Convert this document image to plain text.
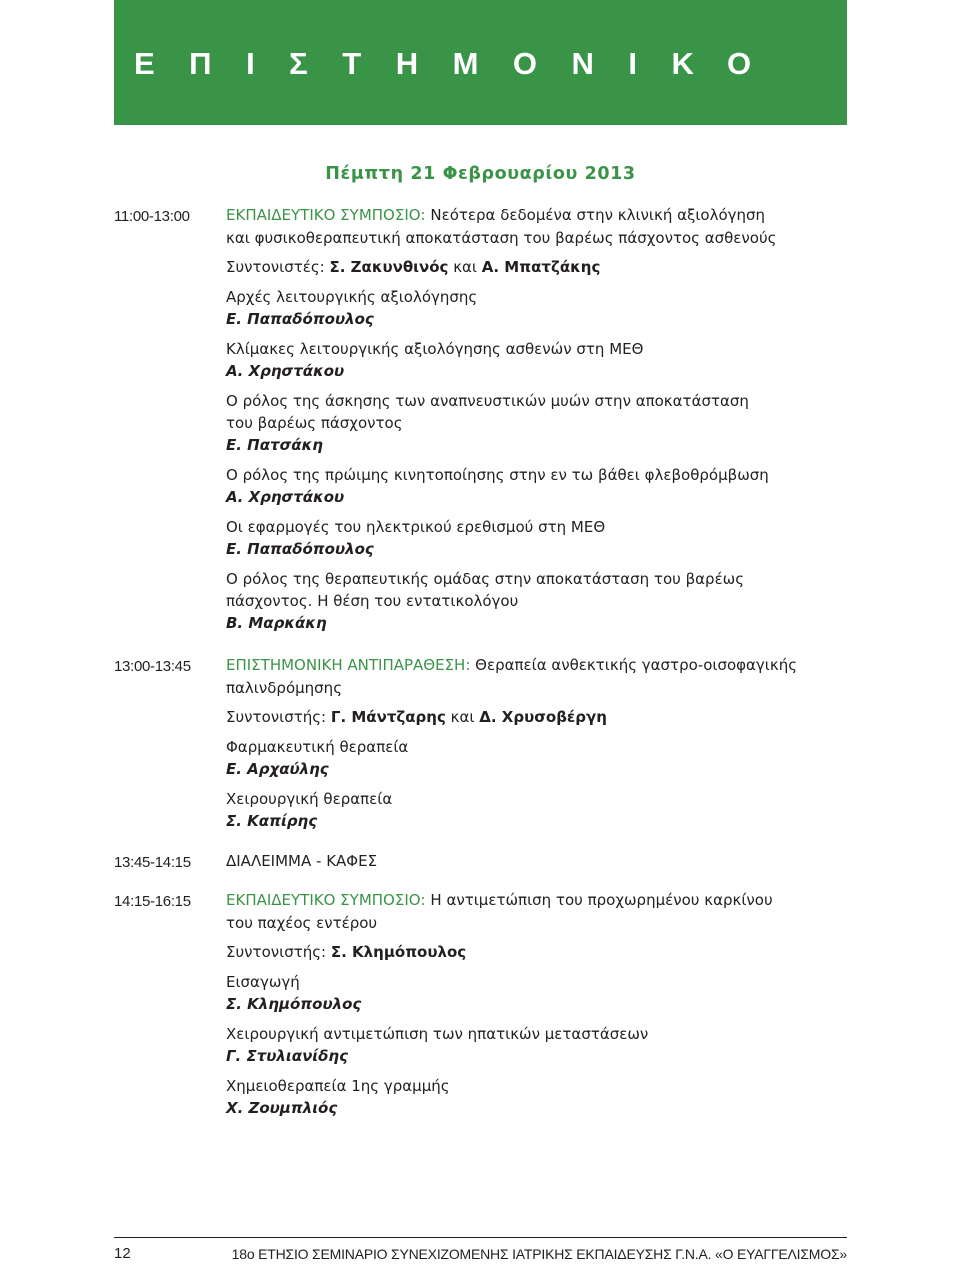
ΕΠΙΣΤΗΜΟΝΙΚΟ
Πέμπτη 21 Φεβρουαρίου 2013
11:00-13:00	ΕΚΠΑΙΔΕΥΤΙΚΟ ΣΥΜΠΟΣΙΟ: Νεότερα δεδομένα στην κλινική αξιολόγηση
και φυσικοθεραπευτική αποκατάσταση του βαρέως πάσχοντος ασθενούς
Συντονιστές: Σ. Ζακυνθινός και Α. Μπατζάκης
Αρχές λειτουργικής αξιολόγησης
Ε. Παπαδόπουλος
Κλίμακες λειτουργικής αξιολόγησης ασθενών στη ΜΕΘ
Α. Χρηστάκου
Ο ρόλος της άσκησης των αναπνευστικών μυών στην αποκατάσταση
του βαρέως πάσχοντος
Ε. Πατσάκη
Ο ρόλος της πρώιμης κινητοποίησης στην εν τω βάθει φλεβοθρόμβωση
Α. Χρηστάκου
Οι εφαρμογές του ηλεκτρικού ερεθισμού στη ΜΕΘ
Ε. Παπαδόπουλος
Ο ρόλος της θεραπευτικής ομάδας στην αποκατάσταση του βαρέως
πάσχοντος. Η θέση του εντατικολόγου
Β. Μαρκάκη
13:00-13:45	ΕΠΙΣΤΗΜΟΝΙΚΗ ΑΝΤΙΠΑΡΑΘΕΣΗ: Θεραπεία ανθεκτικής γαστρο-οισοφαγικής
παλινδρόμησης
Συντονιστής: Γ. Μάντζαρης και Δ. Χρυσοβέργη
Φαρμακευτική θεραπεία
Ε. Αρχαύλης
Χειρουργική θεραπεία
Σ. Καπίρης
13:45-14:15	ΔΙΑΛΕΙΜΜΑ - ΚΑΦΕΣ
14:15-16:15	ΕΚΠΑΙΔΕΥΤΙΚΟ ΣΥΜΠΟΣΙΟ: Η αντιμετώπιση του προχωρημένου καρκίνου
του παχέος εντέρου
Συντονιστής: Σ. Κλημόπουλος
Εισαγωγή
Σ. Κλημόπουλος
Χειρουργική αντιμετώπιση των ηπατικών μεταστάσεων
Γ. Στυλιανίδης
Χημειοθεραπεία 1ης γραμμής
Χ. Ζουμπλιός
12	18ο ΕΤΗΣΙΟ ΣΕΜΙΝΑΡΙΟ ΣΥΝΕΧΙΖΟΜΕΝΗΣ ΙΑΤΡΙΚΗΣ ΕΚΠΑΙΔΕΥΣΗΣ Γ.Ν.Α. «Ο ΕΥΑΓΓΕΛΙΣΜΟΣ»
